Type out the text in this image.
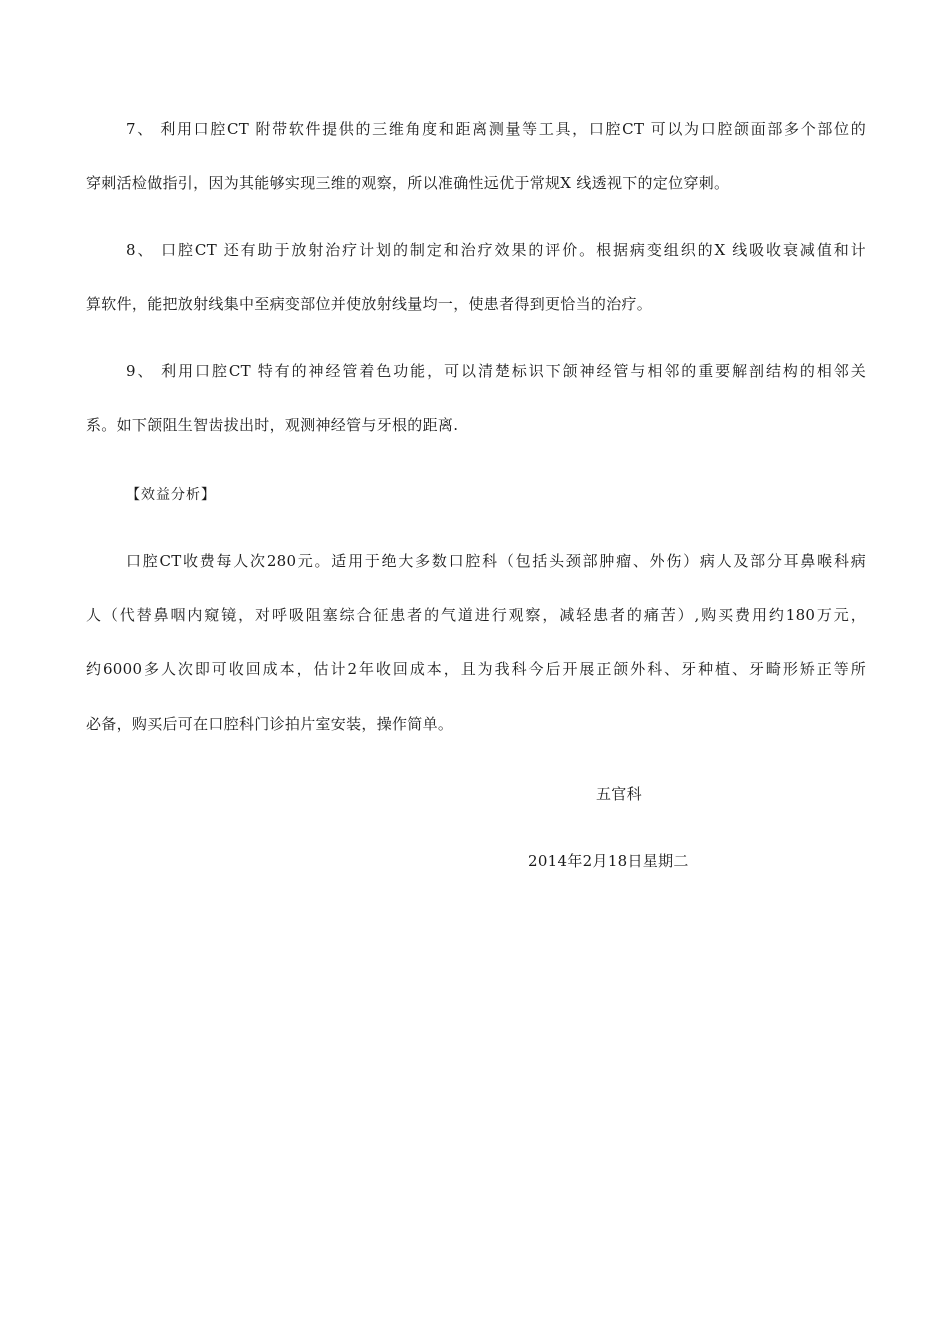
7、 利用口腔CT 附带软件提供的三维角度和距离测量等工具，口腔CT 可以为口腔颌面部多个部位的
穿刺活检做指引，因为其能够实现三维的观察，所以准确性远优于常规X 线透视下的定位穿刺。
8、 口腔CT 还有助于放射治疗计划的制定和治疗效果的评价。根据病变组织的X 线吸收衰减值和计
算软件，能把放射线集中至病变部位并使放射线量均一，使患者得到更恰当的治疗。
9、 利用口腔CT 特有的神经管着色功能，可以清楚标识下颌神经管与相邻的重要解剖结构的相邻关
系。如下颌阻生智齿拔出时，观测神经管与牙根的距离.
【效益分析】
口腔CT收费每人次280元。适用于绝大多数口腔科（包括头颈部肿瘤、外伤）病人及部分耳鼻喉科病
人（代替鼻咽内窥镜，对呼吸阻塞综合征患者的气道进行观察，减轻患者的痛苦）,购买费用约180万元，
约6000多人次即可收回成本，估计2年收回成本，且为我科今后开展正颌外科、牙种植、牙畸形矫正等所
必备，购买后可在口腔科门诊拍片室安装，操作简单。
五官科
2014年2月18日星期二
